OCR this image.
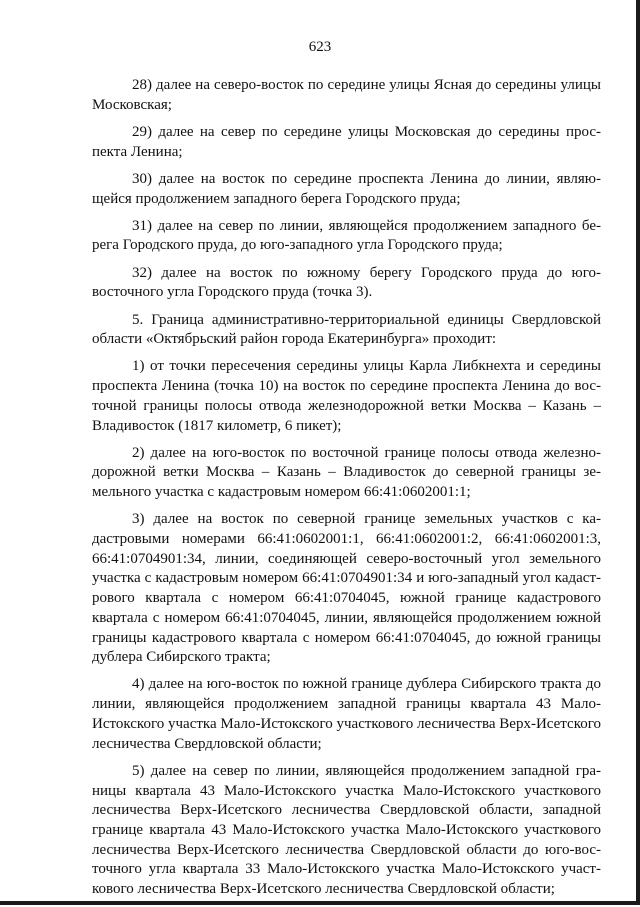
623

28) далее на северо-восток по середине улицы Ясная до середины улицы Московская;

29) далее на север по середине улицы Московская до середины проспекта Ленина;

30) далее на восток по середине проспекта Ленина до линии, являющейся продолжением западного берега Городского пруда;

31) далее на север по линии, являющейся продолжением западного берега Городского пруда, до юго-западного угла Городского пруда;

32) далее на восток по южному берегу Городского пруда до юго-восточного угла Городского пруда (точка 3).

5. Граница административно-территориальной единицы Свердловской области «Октябрьский район города Екатеринбурга» проходит:

1) от точки пересечения середины улицы Карла Либкнехта и середины проспекта Ленина (точка 10) на восток по середине проспекта Ленина до восточной границы полосы отвода железнодорожной ветки Москва – Казань – Владивосток (1817 километр, 6 пикет);

2) далее на юго-восток по восточной границе полосы отвода железнодорожной ветки Москва – Казань – Владивосток до северной границы земельного участка с кадастровым номером 66:41:0602001:1;

3) далее на восток по северной границе земельных участков с кадастровыми номерами 66:41:0602001:1, 66:41:0602001:2, 66:41:0602001:3, 66:41:0704901:34, линии, соединяющей северо-восточный угол земельного участка с кадастровым номером 66:41:0704901:34 и юго-западный угол кадастрового квартала с номером 66:41:0704045, южной границе кадастрового квартала с номером 66:41:0704045, линии, являющейся продолжением южной границы кадастрового квартала с номером 66:41:0704045, до южной границы дублера Сибирского тракта;

4) далее на юго-восток по южной границе дублера Сибирского тракта до линии, являющейся продолжением западной границы квартала 43 Мало-Истокского участка Мало-Истокского участкового лесничества Верх-Исетского лесничества Свердловской области;

5) далее на север по линии, являющейся продолжением западной границы квартала 43 Мало-Истокского участка Мало-Истокского участкового лесничества Верх-Исетского лесничества Свердловской области, западной границе квартала 43 Мало-Истокского участка Мало-Истокского участкового лесничества Верх-Исетского лесничества Свердловской области до юго-восточного угла квартала 33 Мало-Истокского участка Мало-Истокского участкового лесничества Верх-Исетского лесничества Свердловской области;
